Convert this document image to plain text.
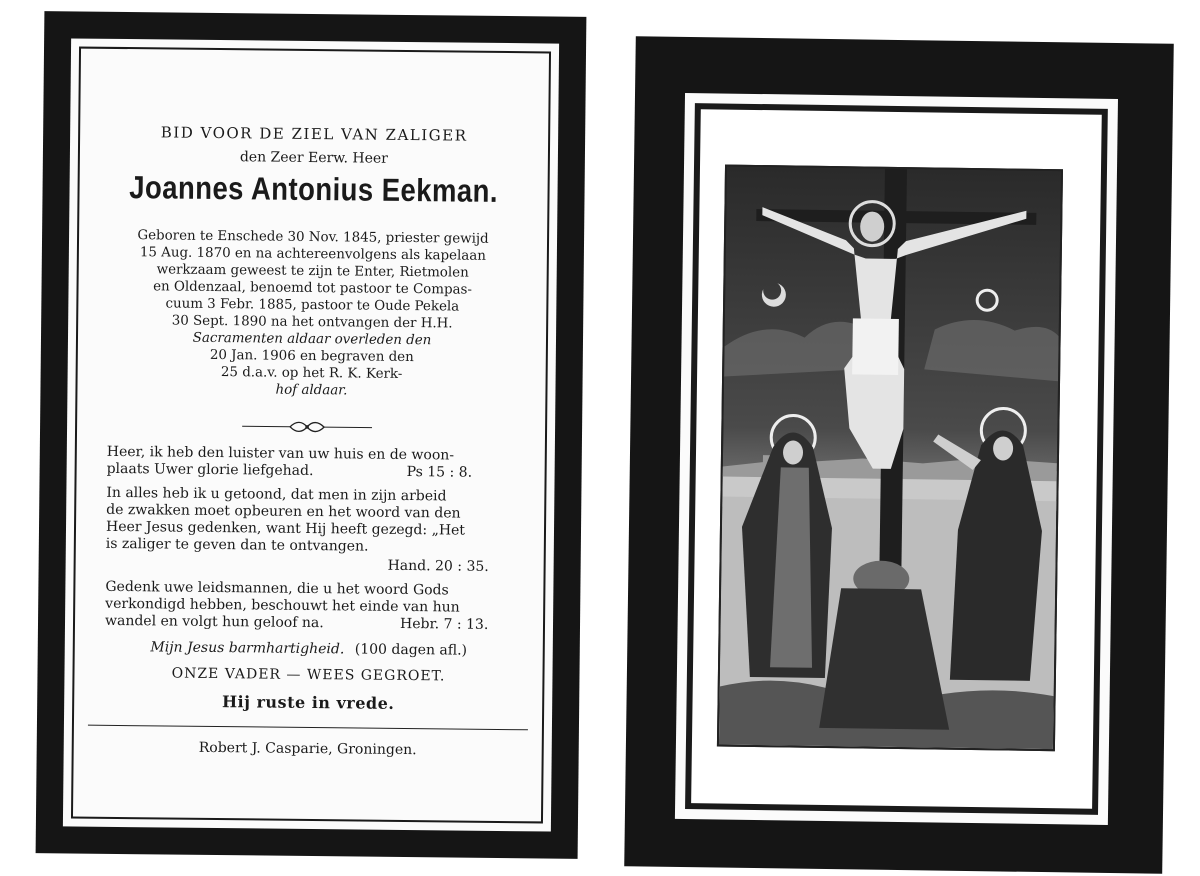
BID VOOR DE ZIEL VAN ZALIGER
den Zeer Eerw. Heer
Joannes Antonius Eekman.
Geboren te Enschede 30 Nov. 1845, priester gewijd
15 Aug. 1870 en na achtereenvolgens als kapelaan
werkzaam geweest te zijn te Enter, Rietmolen
en Oldenzaal, benoemd tot pastoor te Compas-
cuum 3 Febr. 1885, pastoor te Oude Pekela
30 Sept. 1890 na het ontvangen der H.H.
Sacramenten aldaar overleden den
20 Jan. 1906 en begraven den
25 d.a.v. op het R. K. Kerk-
hof aldaar.
Heer, ik heb den luister van uw huis en de woon-
plaats Uwer glorie liefgehad.	Ps 15 : 8.
In alles heb ik u getoond, dat men in zijn arbeid
de zwakken moet opbeuren en het woord van den
Heer Jesus gedenken, want Hij heeft gezegd: „Het
is zaliger te geven dan te ontvangen.
Hand. 20 : 35.
Gedenk uwe leidsmannen, die u het woord Gods
verkondigd hebben, beschouwt het einde van hun
wandel en volgt hun geloof na.	Hebr. 7 : 13.
Mijn Jesus barmhartigheid. (100 dagen afl.)
ONZE VADER — WEES GEGROET.
Hij ruste in vrede.
Robert J. Casparie, Groningen.
